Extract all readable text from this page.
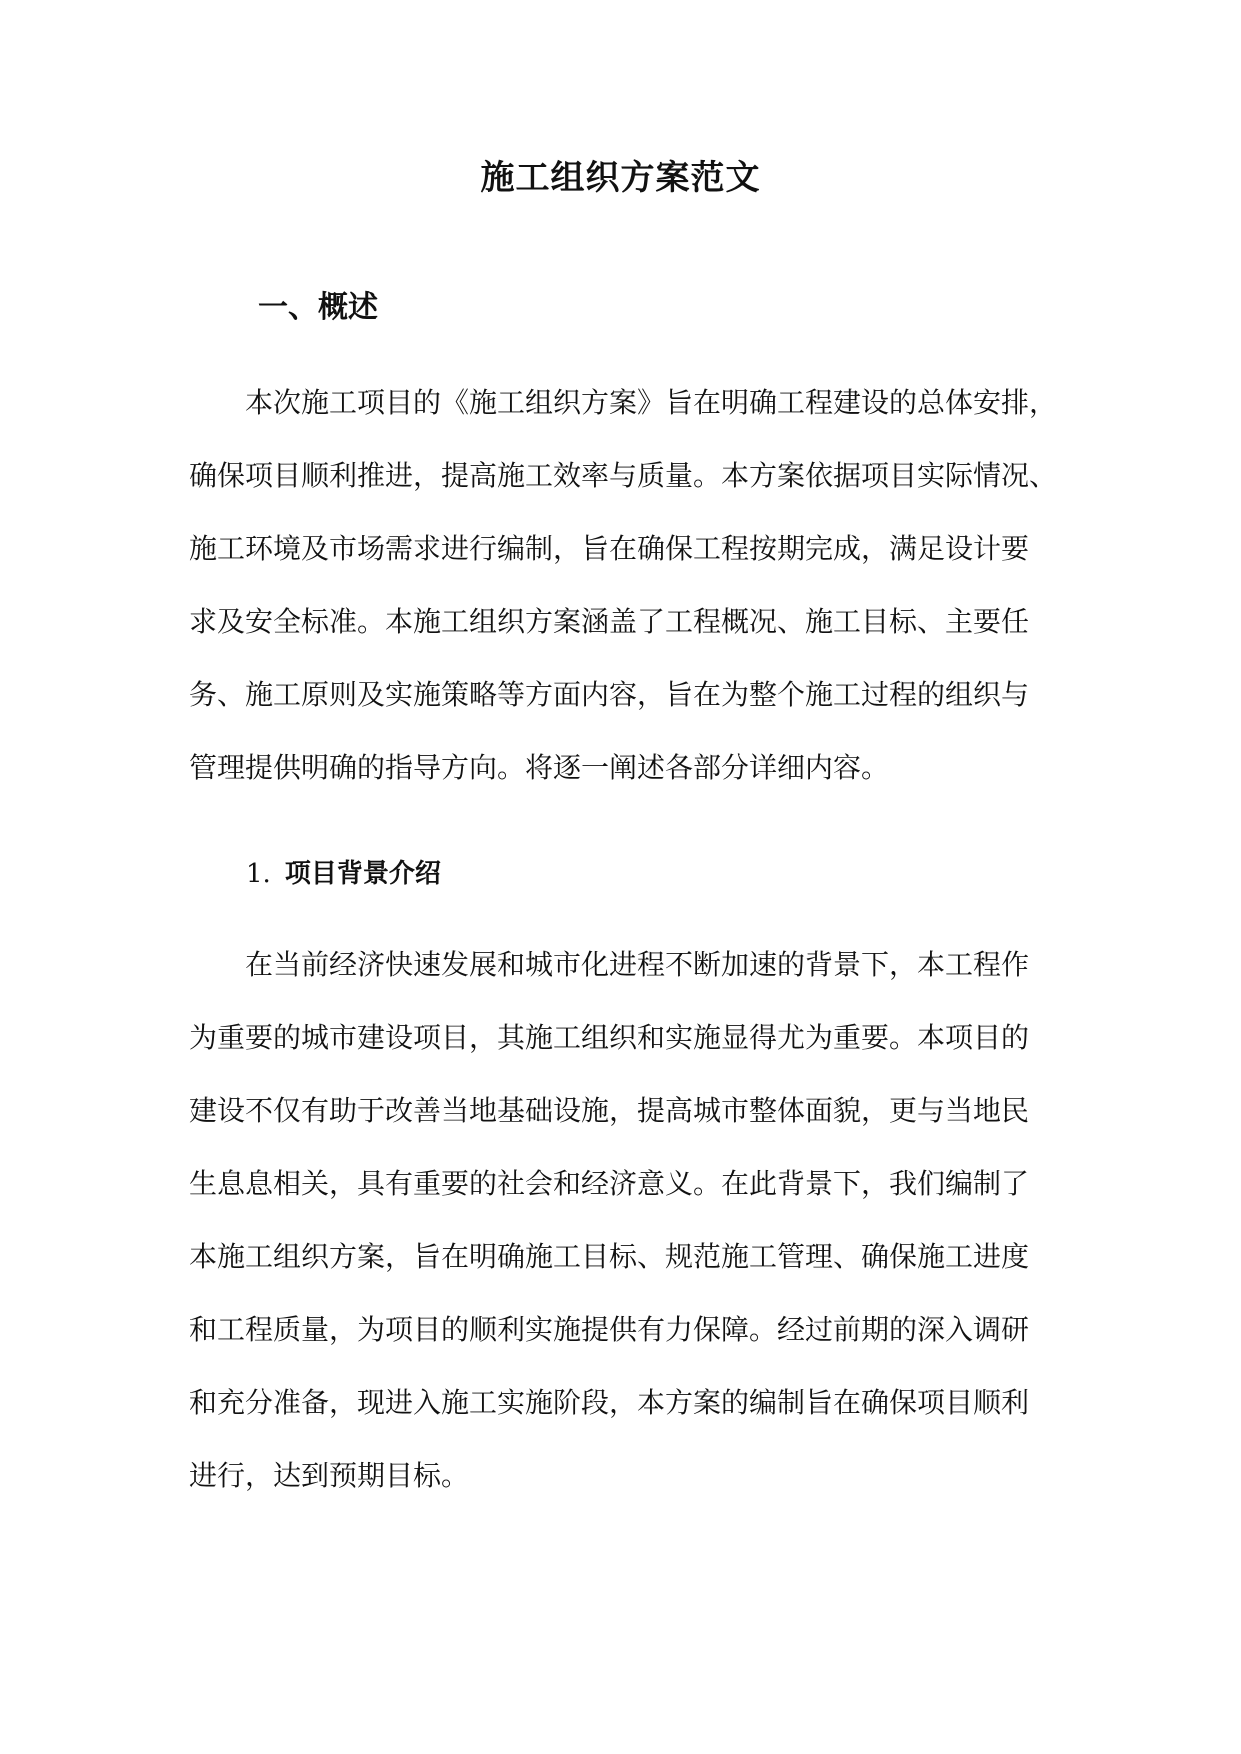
施工组织方案范文
一、概述
本次施工项目的《施工组织方案》旨在明确工程建设的总体安排，
确保项目顺利推进，提高施工效率与质量。本方案依据项目实际情况、
施工环境及市场需求进行编制，旨在确保工程按期完成，满足设计要
求及安全标准。本施工组织方案涵盖了工程概况、施工目标、主要任
务、施工原则及实施策略等方面内容，旨在为整个施工过程的组织与
管理提供明确的指导方向。将逐一阐述各部分详细内容。
1. 项目背景介绍
在当前经济快速发展和城市化进程不断加速的背景下，本工程作
为重要的城市建设项目，其施工组织和实施显得尤为重要。本项目的
建设不仅有助于改善当地基础设施，提高城市整体面貌，更与当地民
生息息相关，具有重要的社会和经济意义。在此背景下，我们编制了
本施工组织方案，旨在明确施工目标、规范施工管理、确保施工进度
和工程质量，为项目的顺利实施提供有力保障。经过前期的深入调研
和充分准备，现进入施工实施阶段，本方案的编制旨在确保项目顺利
进行，达到预期目标。
